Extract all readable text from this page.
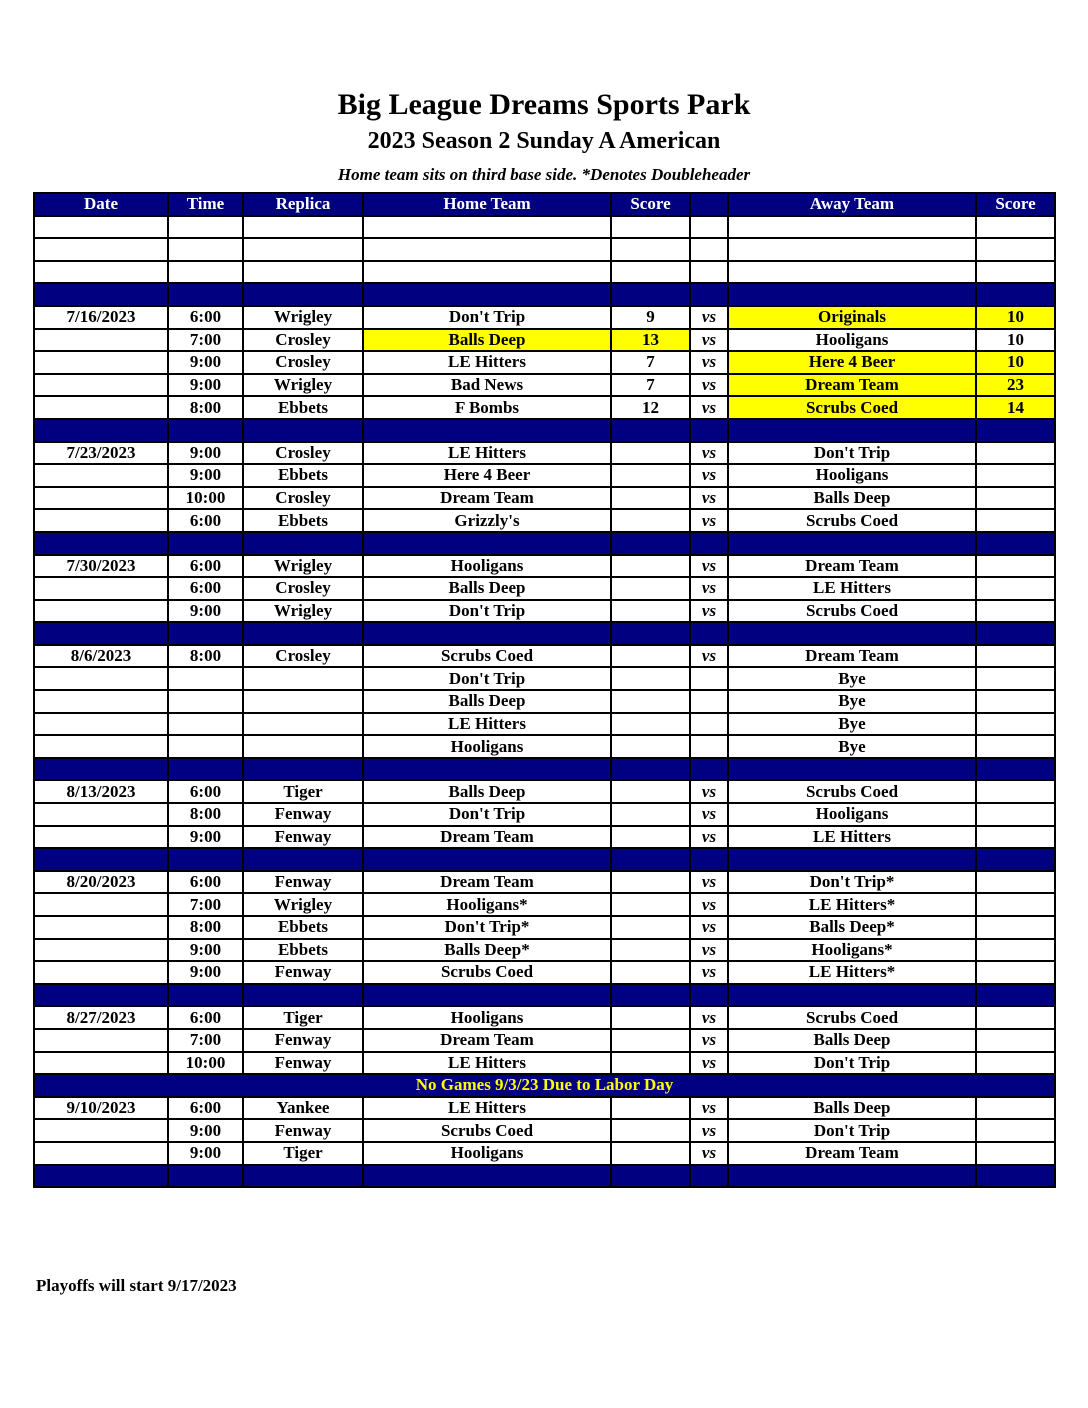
Big League Dreams Sports Park
2023 Season 2 Sunday A American
Home team sits on third base side. *Denotes Doubleheader
Date	Time	Replica	Home Team	Score		Away Team	Score

7/16/2023	6:00	Wrigley	Don't Trip	9	vs	Originals	10
	7:00	Crosley	Balls Deep	13	vs	Hooligans	10
	9:00	Crosley	LE Hitters	7	vs	Here 4 Beer	10
	9:00	Wrigley	Bad News	7	vs	Dream Team	23
	8:00	Ebbets	F Bombs	12	vs	Scrubs Coed	14

7/23/2023	9:00	Crosley	LE Hitters		vs	Don't Trip	
	9:00	Ebbets	Here 4 Beer		vs	Hooligans	
	10:00	Crosley	Dream Team		vs	Balls Deep	
	6:00	Ebbets	Grizzly's		vs	Scrubs Coed	

7/30/2023	6:00	Wrigley	Hooligans		vs	Dream Team	
	6:00	Crosley	Balls Deep		vs	LE Hitters	
	9:00	Wrigley	Don't Trip		vs	Scrubs Coed	

8/6/2023	8:00	Crosley	Scrubs Coed		vs	Dream Team	
			Don't Trip			Bye	
			Balls Deep			Bye	
			LE Hitters			Bye	
			Hooligans			Bye	

8/13/2023	6:00	Tiger	Balls Deep		vs	Scrubs Coed	
	8:00	Fenway	Don't Trip		vs	Hooligans	
	9:00	Fenway	Dream Team		vs	LE Hitters	

8/20/2023	6:00	Fenway	Dream Team		vs	Don't Trip*	
	7:00	Wrigley	Hooligans*		vs	LE Hitters*	
	8:00	Ebbets	Don't Trip*		vs	Balls Deep*	
	9:00	Ebbets	Balls Deep*		vs	Hooligans*	
	9:00	Fenway	Scrubs Coed		vs	LE Hitters*	

8/27/2023	6:00	Tiger	Hooligans		vs	Scrubs Coed	
	7:00	Fenway	Dream Team		vs	Balls Deep	
	10:00	Fenway	LE Hitters		vs	Don't Trip	
No Games 9/3/23 Due to Labor Day							
9/10/2023	6:00	Yankee	LE Hitters		vs	Balls Deep	
	9:00	Fenway	Scrubs Coed		vs	Don't Trip	
	9:00	Tiger	Hooligans		vs	Dream Team	

Playoffs will start 9/17/2023
